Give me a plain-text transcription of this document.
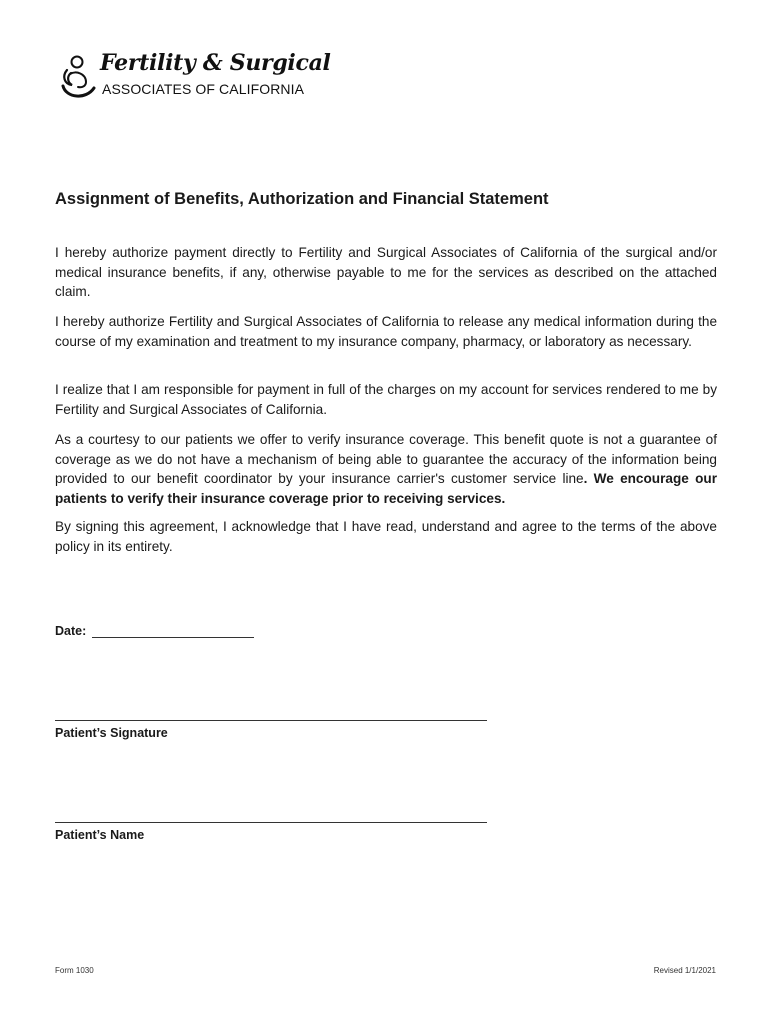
Fertility & Surgical
ASSOCIATES OF CALIFORNIA
Assignment of Benefits, Authorization and Financial Statement

I hereby authorize payment directly to Fertility and Surgical Associates of California of the surgical and/or medical insurance benefits, if any, otherwise payable to me for the services as described on the attached claim.

I hereby authorize Fertility and Surgical Associates of California to release any medical information during the course of my examination and treatment to my insurance company, pharmacy, or laboratory as necessary.

I realize that I am responsible for payment in full of the charges on my account for services rendered to me by Fertility and Surgical Associates of California.

As a courtesy to our patients we offer to verify insurance coverage. This benefit quote is not a guarantee of coverage as we do not have a mechanism of being able to guarantee the accuracy of the information being provided to our benefit coordinator by your insurance carrier's customer service line. We encourage our patients to verify their insurance coverage prior to receiving services.

By signing this agreement, I acknowledge that I have read, understand and agree to the terms of the above policy in its entirety.

Date:
Patient’s Signature
Patient’s Name
Form 1030	Revised 1/1/2021
